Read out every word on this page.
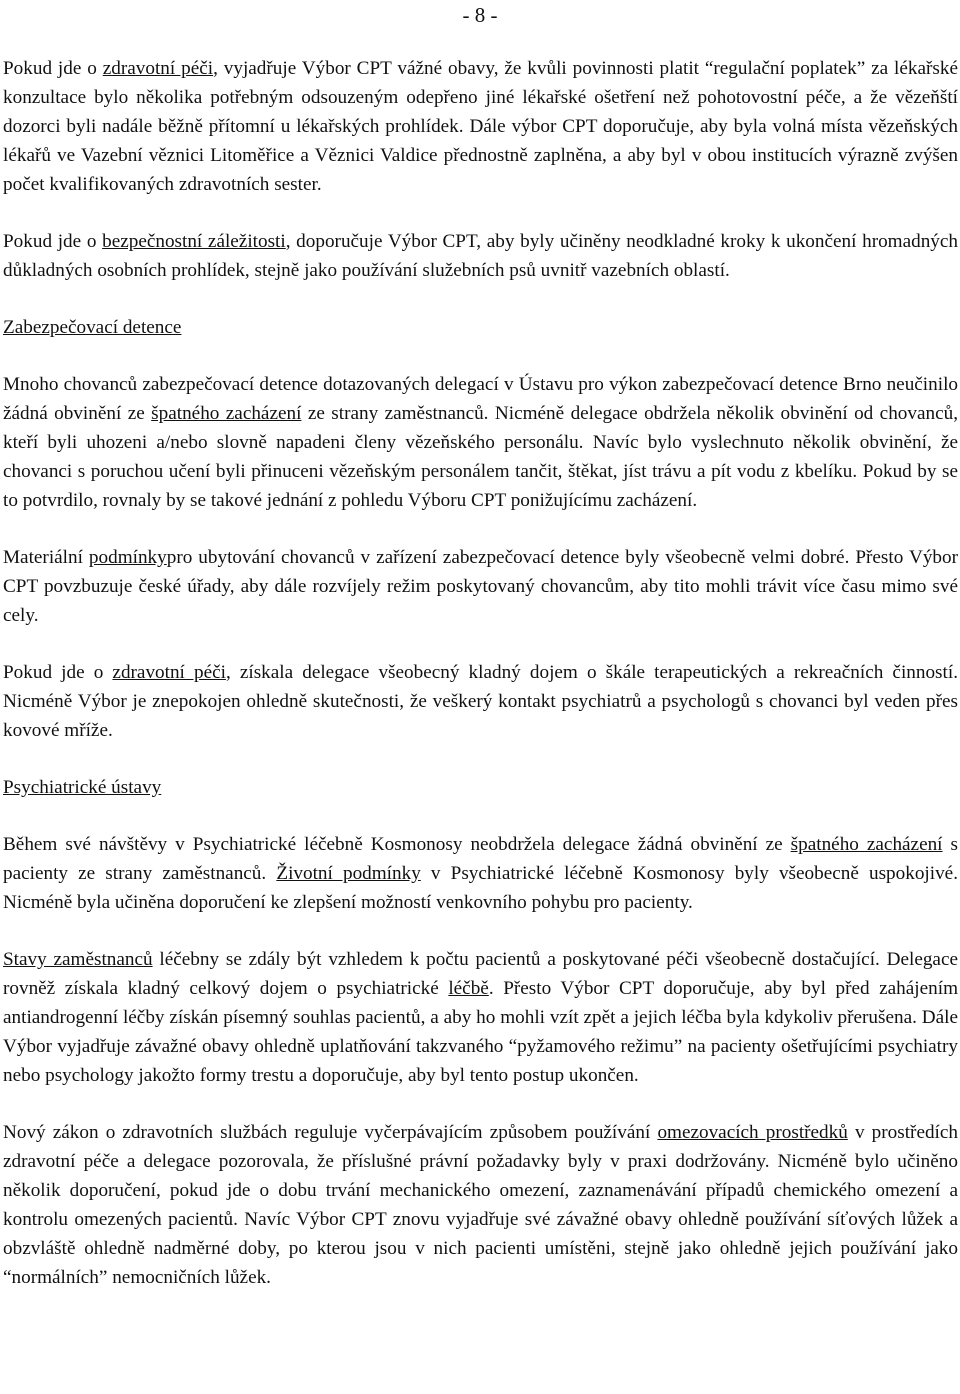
- 8 -

Pokud jde o zdravotní péči, vyjadřuje Výbor CPT vážné obavy, že kvůli povinnosti platit “regulační poplatek” za lékařské konzultace bylo několika potřebným odsouzeným odepřeno jiné lékařské ošetření než pohotovostní péče, a že vězeňští dozorci byli nadále běžně přítomní u lékařských prohlídek. Dále výbor CPT doporučuje, aby byla volná místa vězeňských lékařů ve Vazební věznici Litoměřice a Věznici Valdice přednostně zaplněna, a aby byl v obou institucích výrazně zvýšen počet kvalifikovaných zdravotních sester.

Pokud jde o bezpečnostní záležitosti, doporučuje Výbor CPT, aby byly učiněny neodkladné kroky k ukončení hromadných důkladných osobních prohlídek, stejně jako používání služebních psů uvnitř vazebních oblastí.

Zabezpečovací detence

Mnoho chovanců zabezpečovací detence dotazovaných delegací v Ústavu pro výkon zabezpečovací detence Brno neučinilo žádná obvinění ze špatného zacházení ze strany zaměstnanců. Nicméně delegace obdržela několik obvinění od chovanců, kteří byli uhozeni a/nebo slovně napadeni členy vězeňského personálu. Navíc bylo vyslechnuto několik obvinění, že chovanci s poruchou učení byli přinuceni vězeňským personálem tančit, štěkat, jíst trávu a pít vodu z kbelíku. Pokud by se to potvrdilo, rovnaly by se takové jednání z pohledu Výboru CPT ponižujícímu zacházení.

Materiální podmínkypro ubytování chovanců v zařízení zabezpečovací detence byly všeobecně velmi dobré. Přesto Výbor CPT povzbuzuje české úřady, aby dále rozvíjely režim poskytovaný chovancům, aby tito mohli trávit více času mimo své cely.

Pokud jde o zdravotní péči, získala delegace všeobecný kladný dojem o škále terapeutických a rekreačních činností. Nicméně Výbor je znepokojen ohledně skutečnosti, že veškerý kontakt psychiatrů a psychologů s chovanci byl veden přes kovové mříže.

Psychiatrické ústavy

Během své návštěvy v Psychiatrické léčebně Kosmonosy neobdržela delegace žádná obvinění ze špatného zacházení s pacienty ze strany zaměstnanců. Životní podmínky v Psychiatrické léčebně Kosmonosy byly všeobecně uspokojivé. Nicméně byla učiněna doporučení ke zlepšení možností venkovního pohybu pro pacienty.

Stavy zaměstnanců léčebny se zdály být vzhledem k počtu pacientů a poskytované péči všeobecně dostačující. Delegace rovněž získala kladný celkový dojem o psychiatrické léčbě. Přesto Výbor CPT doporučuje, aby byl před zahájením antiandrogenní léčby získán písemný souhlas pacientů, a aby ho mohli vzít zpět a jejich léčba byla kdykoliv přerušena. Dále Výbor vyjadřuje závažné obavy ohledně uplatňování takzvaného “pyžamového režimu” na pacienty ošetřujícími psychiatry nebo psychology jakožto formy trestu a doporučuje, aby byl tento postup ukončen.

Nový zákon o zdravotních službách reguluje vyčerpávajícím způsobem používání omezovacích prostředků v prostředích zdravotní péče a delegace pozorovala, že příslušné právní požadavky byly v praxi dodržovány. Nicméně bylo učiněno několik doporučení, pokud jde o dobu trvání mechanického omezení, zaznamenávání případů chemického omezení a kontrolu omezených pacientů. Navíc Výbor CPT znovu vyjadřuje své závažné obavy ohledně používání síťových lůžek a obzvláště ohledně nadměrné doby, po kterou jsou v nich pacienti umístěni, stejně jako ohledně jejich používání jako “normálních” nemocničních lůžek.
